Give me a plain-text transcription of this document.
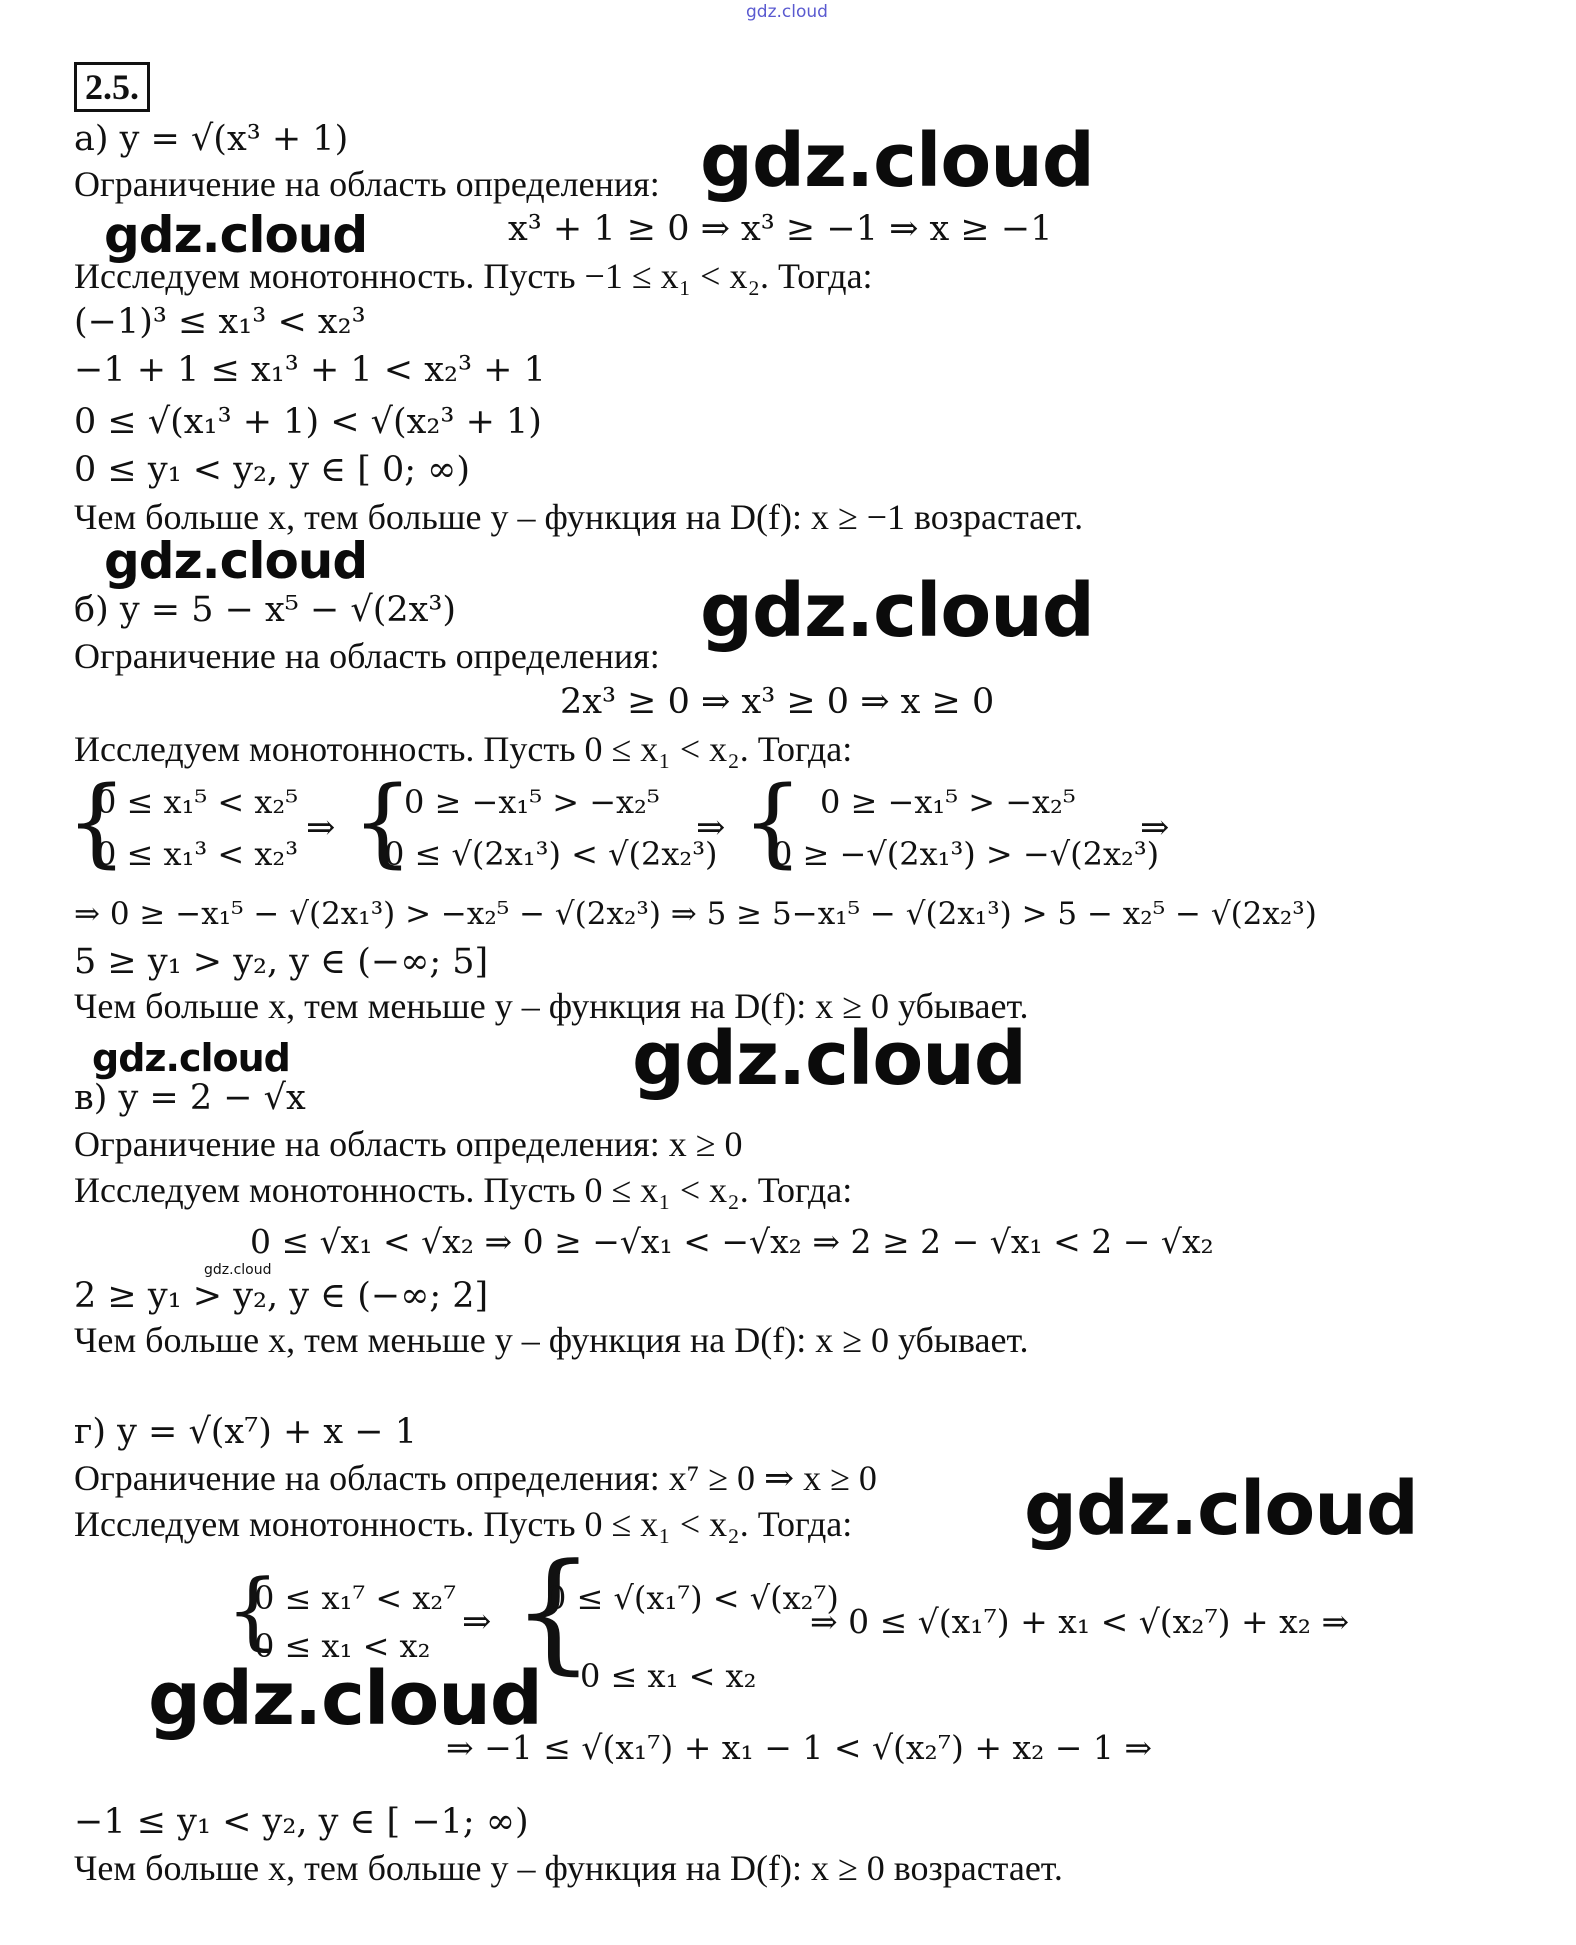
gdz.cloud
2.5.
а) y = √(x³ + 1)
Ограничение на область определения:
x³ + 1 ≥ 0 ⇒ x³ ≥ −1 ⇒ x ≥ −1
Исследуем монотонность. Пусть −1 ≤ x₁ < x₂. Тогда:
(−1)³ ≤ x₁³ < x₂³
−1 + 1 ≤ x₁³ + 1 < x₂³ + 1
0 ≤ √(x₁³ + 1) < √(x₂³ + 1)
0 ≤ y₁ < y₂, y ∈ [ 0; ∞)
Чем больше x, тем больше y – функция на D(f): x ≥ −1 возрастает.
б) y = 5 − x⁵ − √(2x³)
Ограничение на область определения:
2x³ ≥ 0 ⇒ x³ ≥ 0 ⇒ x ≥ 0
Исследуем монотонность. Пусть 0 ≤ x₁ < x₂. Тогда:
{
0 ≤ x₁⁵ < x₂⁵
0 ≤ x₁³ < x₂³
⇒ {
0 ≥ −x₁⁵ > −x₂⁵
0 ≤ √(2x₁³) < √(2x₂³)
⇒ { 0 ≥ −x₁⁵ > −x₂⁵
0 ≥ −√(2x₁³) > −√(2x₂³)
⇒
⇒ 0 ≥ −x₁⁵ − √(2x₁³) > −x₂⁵ − √(2x₂³) ⇒ 5 ≥ 5−x₁⁵ − √(2x₁³) > 5 − x₂⁵ − √(2x₂³)
5 ≥ y₁ > y₂, y ∈ (−∞; 5]
Чем больше x, тем меньше y – функция на D(f): x ≥ 0 убывает.
в) y = 2 − √x
Ограничение на область определения: x ≥ 0
Исследуем монотонность. Пусть 0 ≤ x₁ < x₂. Тогда:
0 ≤ √x₁ < √x₂ ⇒ 0 ≥ −√x₁ < −√x₂ ⇒ 2 ≥ 2 − √x₁ < 2 − √x₂
2 ≥ y₁ > y₂, y ∈ (−∞; 2]
Чем больше x, тем меньше y – функция на D(f): x ≥ 0 убывает.
г) y = √(x⁷) + x − 1
Ограничение на область определения: x⁷ ≥ 0 ⇒ x ≥ 0
Исследуем монотонность. Пусть 0 ≤ x₁ < x₂. Тогда:
{
0 ≤ x₁⁷ < x₂⁷
0 ≤ x₁ < x₂
⇒ {
0 ≤ √(x₁⁷) < √(x₂⁷)
0 ≤ x₁ < x₂
⇒ 0 ≤ √(x₁⁷) + x₁ < √(x₂⁷) + x₂ ⇒
⇒ −1 ≤ √(x₁⁷) + x₁ − 1 < √(x₂⁷) + x₂ − 1 ⇒
−1 ≤ y₁ < y₂, y ∈ [ −1; ∞)
Чем больше x, тем больше y – функция на D(f): x ≥ 0 возрастает.
gdz.cloud
gdz.cloud
gdz.cloud
gdz.cloud
gdz.cloud	gdz.cloud
gdz.cloud
gdz.cloud
gdz.cloud
